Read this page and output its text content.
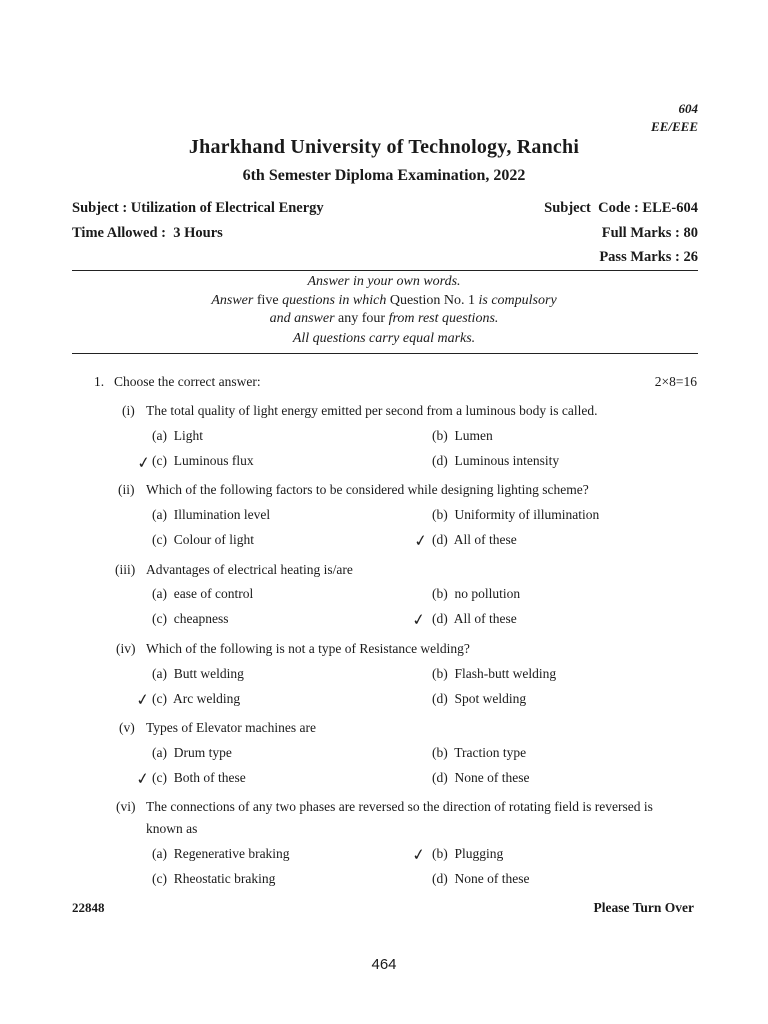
604
EE/EEE
Jharkhand University of Technology, Ranchi
6th Semester Diploma Examination, 2022
Subject : Utilization of Electrical Energy	Subject  Code : ELE-604
Time Allowed :  3 Hours	Full Marks : 80
Pass Marks : 26
Answer in your own words.
Answer five questions in which Question No. 1 is compulsory
and answer any four from rest questions.
All questions carry equal marks.
1. Choose the correct answer:	2×8=16
(i) The total quality of light energy emitted per second from a luminous body is called.
(a)  Light	(b)  Lumen
(c)  Luminous flux	(d)  Luminous intensity
✓
(ii) Which of the following factors to be considered while designing lighting scheme?
(a)  Illumination level	(b)  Uniformity of illumination
(c)  Colour of light	(d)  All of these
✓
(iii) Advantages of electrical heating is/are
(a)  ease of control	(b)  no pollution
(c)  cheapness	(d)  All of these
✓
(iv) Which of the following is not a type of Resistance welding?
(a)  Butt welding	(b)  Flash-butt welding
(c)  Arc welding	(d)  Spot welding
✓
(v) Types of Elevator machines are
(a)  Drum type	(b)  Traction type
(c)  Both of these	(d)  None of these
✓
(vi) The connections of any two phases are reversed so the direction of rotating field is reversed is
known as
(a)  Regenerative braking	(b)  Plugging
(c)  Rheostatic braking	(d)  None of these
✓
22848	Please Turn Over
464
